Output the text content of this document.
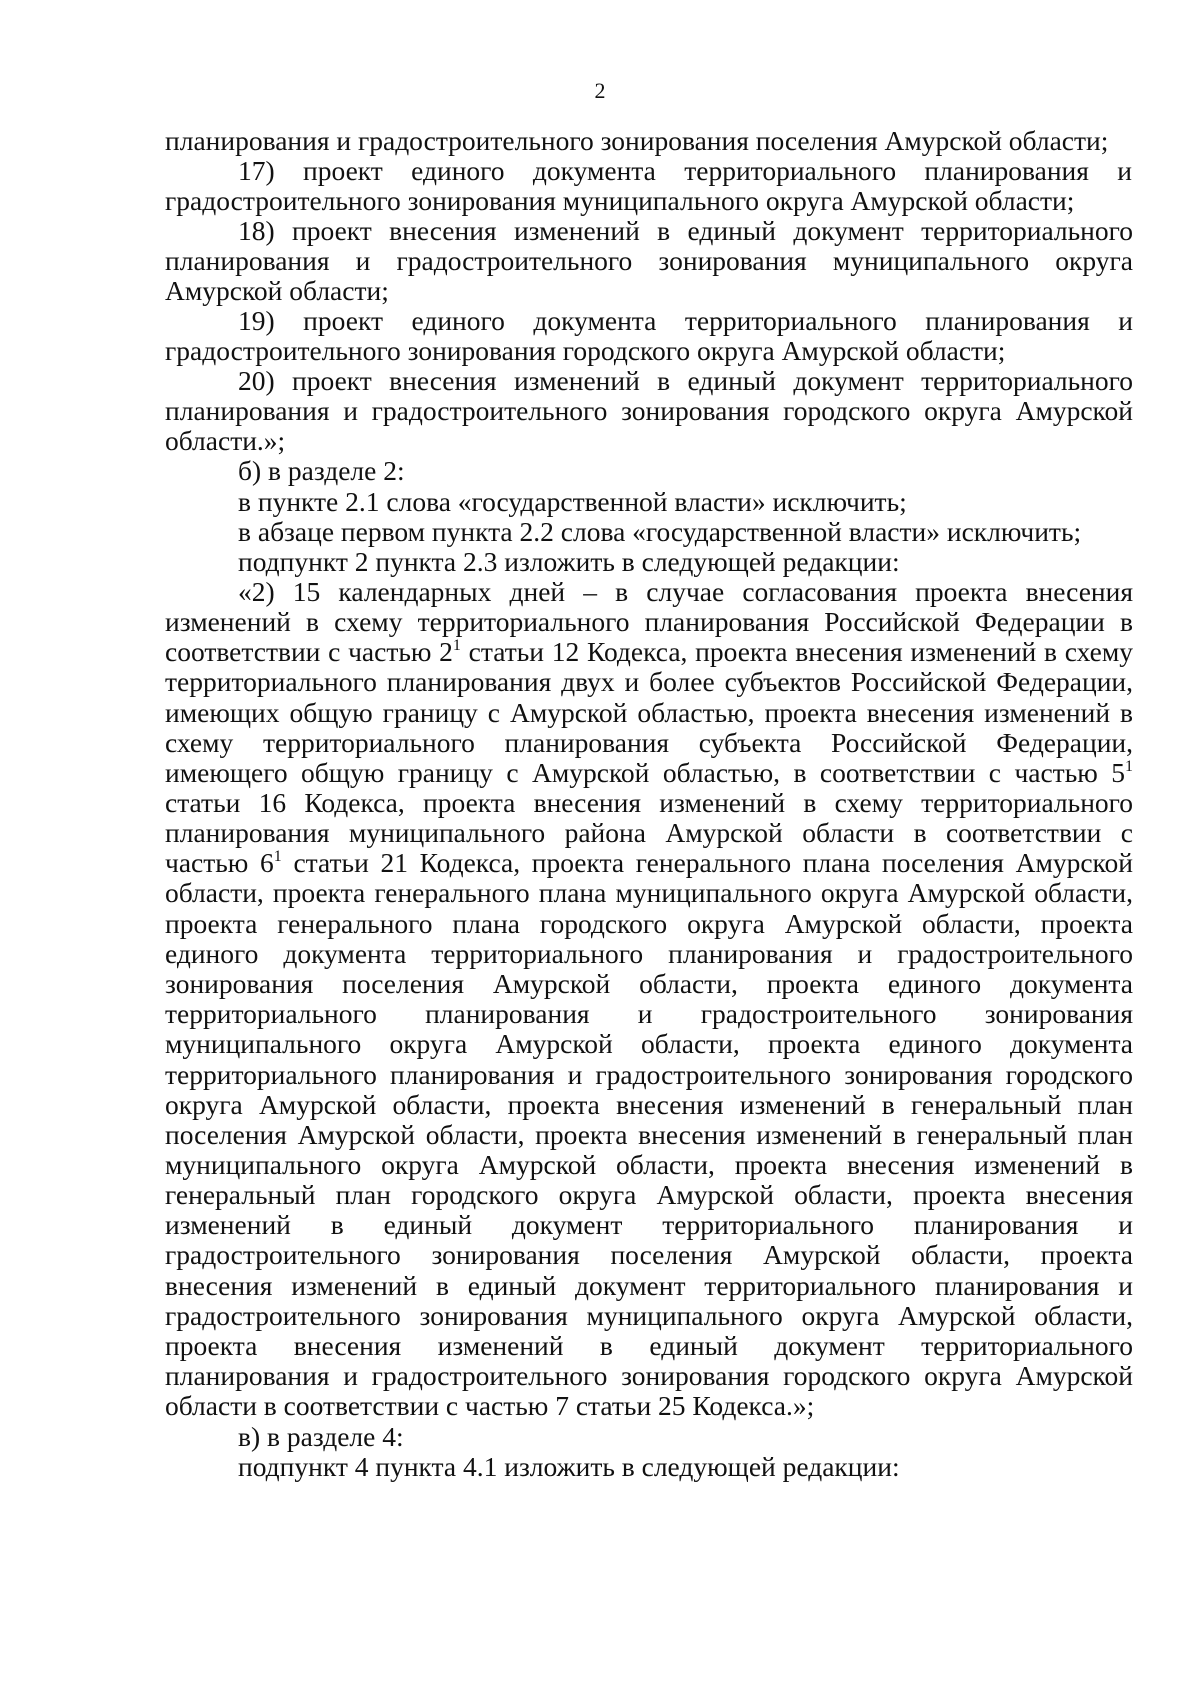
2
планирования и градостроительного зонирования поселения Амурской области;
17) проект единого документа территориального планирования и
градостроительного зонирования муниципального округа Амурской области;
18) проект внесения изменений в единый документ территориального
планирования и градостроительного зонирования муниципального округа
Амурской области;
19) проект единого документа территориального планирования и
градостроительного зонирования городского округа Амурской области;
20) проект внесения изменений в единый документ территориального
планирования и градостроительного зонирования городского округа Амурской
области.»;
б) в разделе 2:
в пункте 2.1 слова «государственной власти» исключить;
в абзаце первом пункта 2.2 слова «государственной власти» исключить;
подпункт 2 пункта 2.3 изложить в следующей редакции:
«2) 15 календарных дней – в случае согласования проекта внесения
изменений в схему территориального планирования Российской Федерации в
соответствии с частью $2^1$ статьи 12 Кодекса, проекта внесения изменений в схему
территориального планирования двух и более субъектов Российской Федерации,
имеющих общую границу с Амурской областью, проекта внесения изменений в
схему территориального планирования субъекта Российской Федерации,
имеющего общую границу с Амурской областью, в соответствии с частью $5^1$
статьи 16 Кодекса, проекта внесения изменений в схему территориального
планирования муниципального района Амурской области в соответствии с
частью $6^1$ статьи 21 Кодекса, проекта генерального плана поселения Амурской
области, проекта генерального плана муниципального округа Амурской области,
проекта генерального плана городского округа Амурской области, проекта
единого документа территориального планирования и градостроительного
зонирования поселения Амурской области, проекта единого документа
территориального планирования и градостроительного зонирования
муниципального округа Амурской области, проекта единого документа
территориального планирования и градостроительного зонирования городского
округа Амурской области, проекта внесения изменений в генеральный план
поселения Амурской области, проекта внесения изменений в генеральный план
муниципального округа Амурской области, проекта внесения изменений в
генеральный план городского округа Амурской области, проекта внесения
изменений в единый документ территориального планирования и
градостроительного зонирования поселения Амурской области, проекта
внесения изменений в единый документ территориального планирования и
градостроительного зонирования муниципального округа Амурской области,
проекта внесения изменений в единый документ территориального
планирования и градостроительного зонирования городского округа Амурской
области в соответствии с частью 7 статьи 25 Кодекса.»;
в) в разделе 4:
подпункт 4 пункта 4.1 изложить в следующей редакции:
